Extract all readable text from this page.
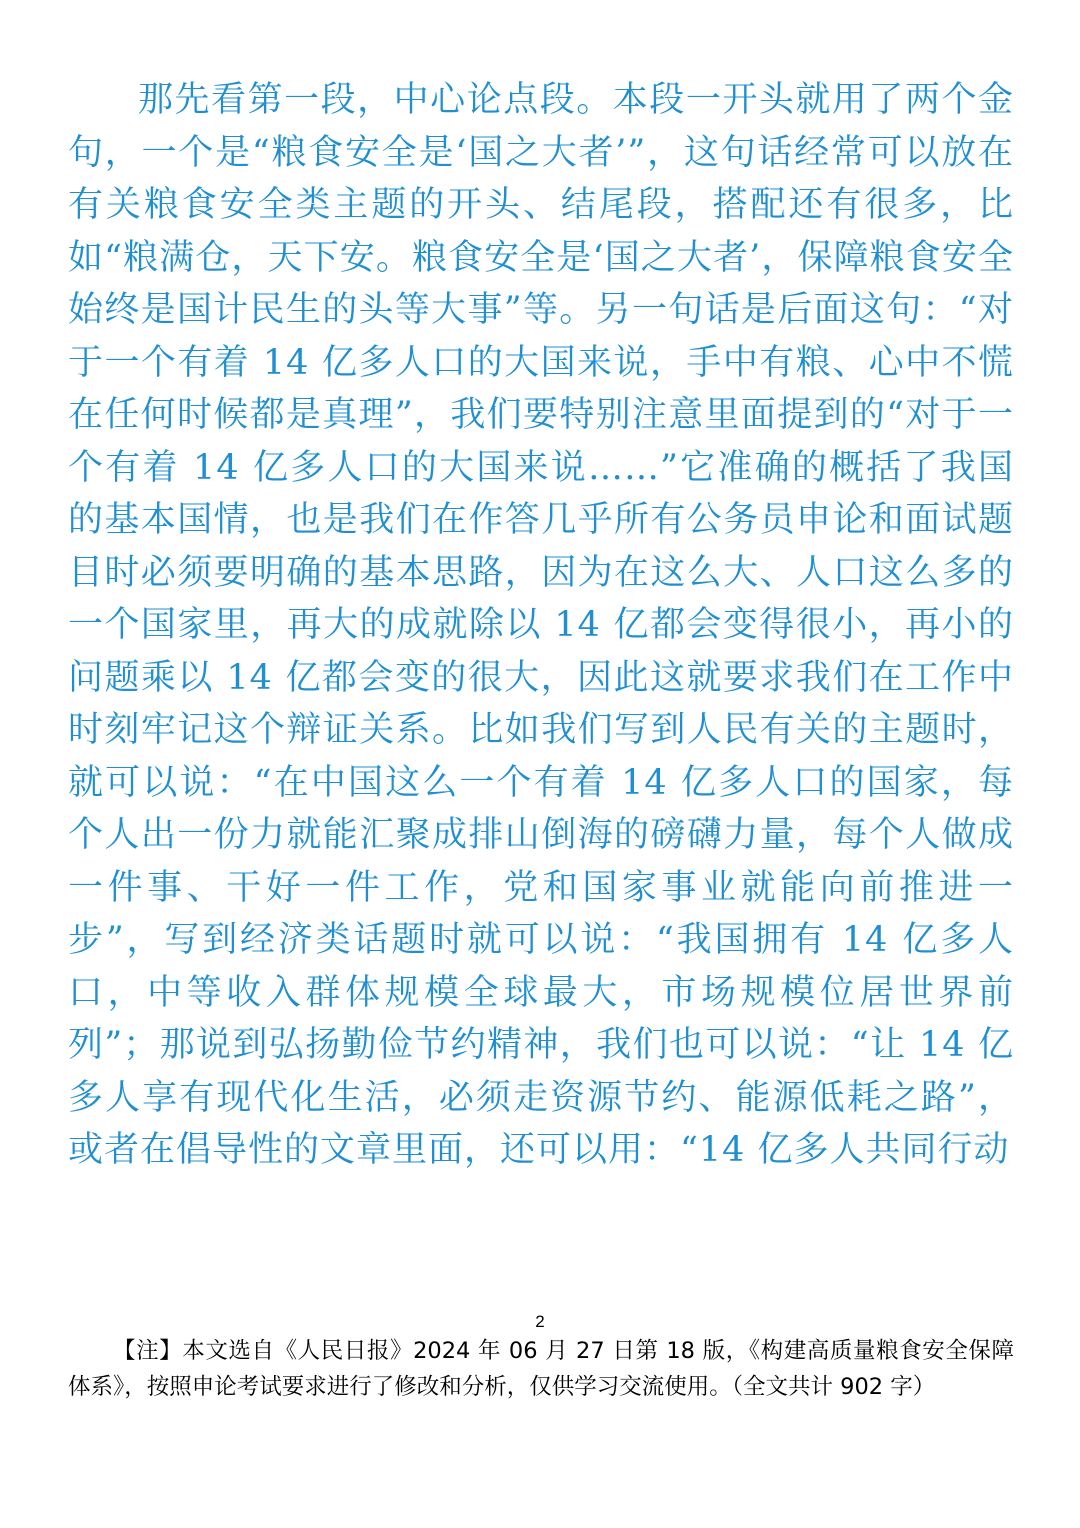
那先看第一段，中心论点段。本段一开头就用了两个金句，一个是“粮食安全是‘国之大者’”，这句话经常可以放在有关粮食安全类主题的开头、结尾段，搭配还有很多，比如“粮满仓，天下安。粮食安全是‘国之大者’，保障粮食安全始终是国计民生的头等大事”等。另一句话是后面这句：“对于一个有着 14 亿多人口的大国来说，手中有粮、心中不慌在任何时候都是真理”，我们要特别注意里面提到的“对于一个有着 14 亿多人口的大国来说……”它准确的概括了我国的基本国情，也是我们在作答几乎所有公务员申论和面试题目时必须要明确的基本思路，因为在这么大、人口这么多的一个国家里，再大的成就除以 14 亿都会变得很小，再小的问题乘以 14 亿都会变的很大，因此这就要求我们在工作中时刻牢记这个辩证关系。比如我们写到人民有关的主题时，就可以说：“在中国这么一个有着 14 亿多人口的国家，每个人出一份力就能汇聚成排山倒海的磅礴力量，每个人做成一件事、干好一件工作，党和国家事业就能向前推进一步”，写到经济类话题时就可以说：“我国拥有 14 亿多人口，中等收入群体规模全球最大，市场规模位居世界前列”；那说到弘扬勤俭节约精神，我们也可以说：“让 14 亿多人享有现代化生活，必须走资源节约、能源低耗之路”，或者在倡导性的文章里面，还可以用：“14 亿多人共同行动

2

【注】本文选自《人民日报》2024 年 06 月 27 日第 18 版，《构建高质量粮食安全保障体系》，按照申论考试要求进行了修改和分析，仅供学习交流使用。（全文共计 902 字）
